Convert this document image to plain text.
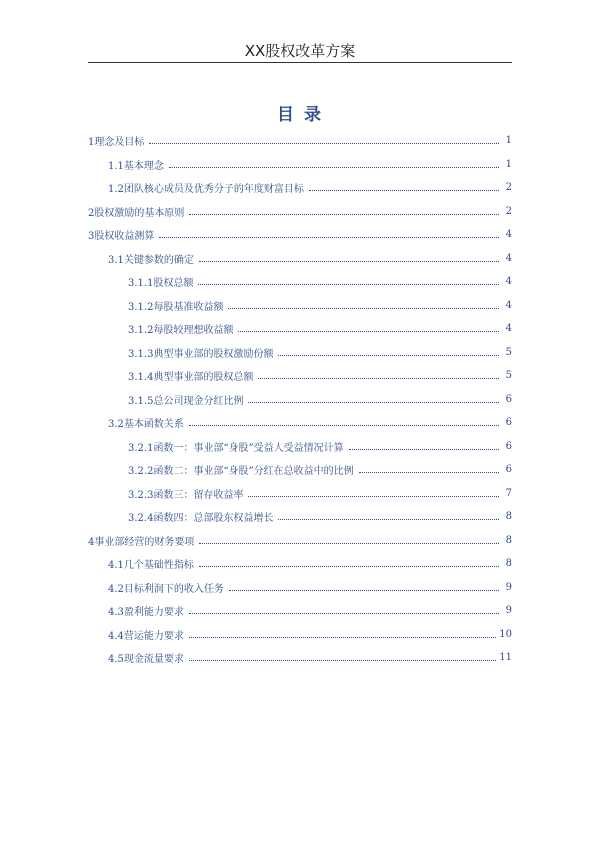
XX股权改革方案
目 录
1理念及目标	1
1.1基本理念	1
1.2团队核心成员及优秀分子的年度财富目标	2
2股权激励的基本原则	2
3股权收益测算	4
3.1关键参数的确定	4
3.1.1股权总额	4
3.1.2每股基准收益额	4
3.1.2每股较理想收益额	4
3.1.3典型事业部的股权激励份额	5
3.1.4典型事业部的股权总额	5
3.1.5总公司现金分红比例	6
3.2基本函数关系	6
3.2.1函数一：事业部“身股”受益人受益情况计算	6
3.2.2函数二：事业部“身股”分红在总收益中的比例	6
3.2.3函数三：留存收益率	7
3.2.4函数四：总部股东权益增长	8
4事业部经营的财务要项	8
4.1几个基础性指标	8
4.2目标利润下的收入任务	9
4.3盈利能力要求	9
4.4营运能力要求	10
4.5现金流量要求	11
